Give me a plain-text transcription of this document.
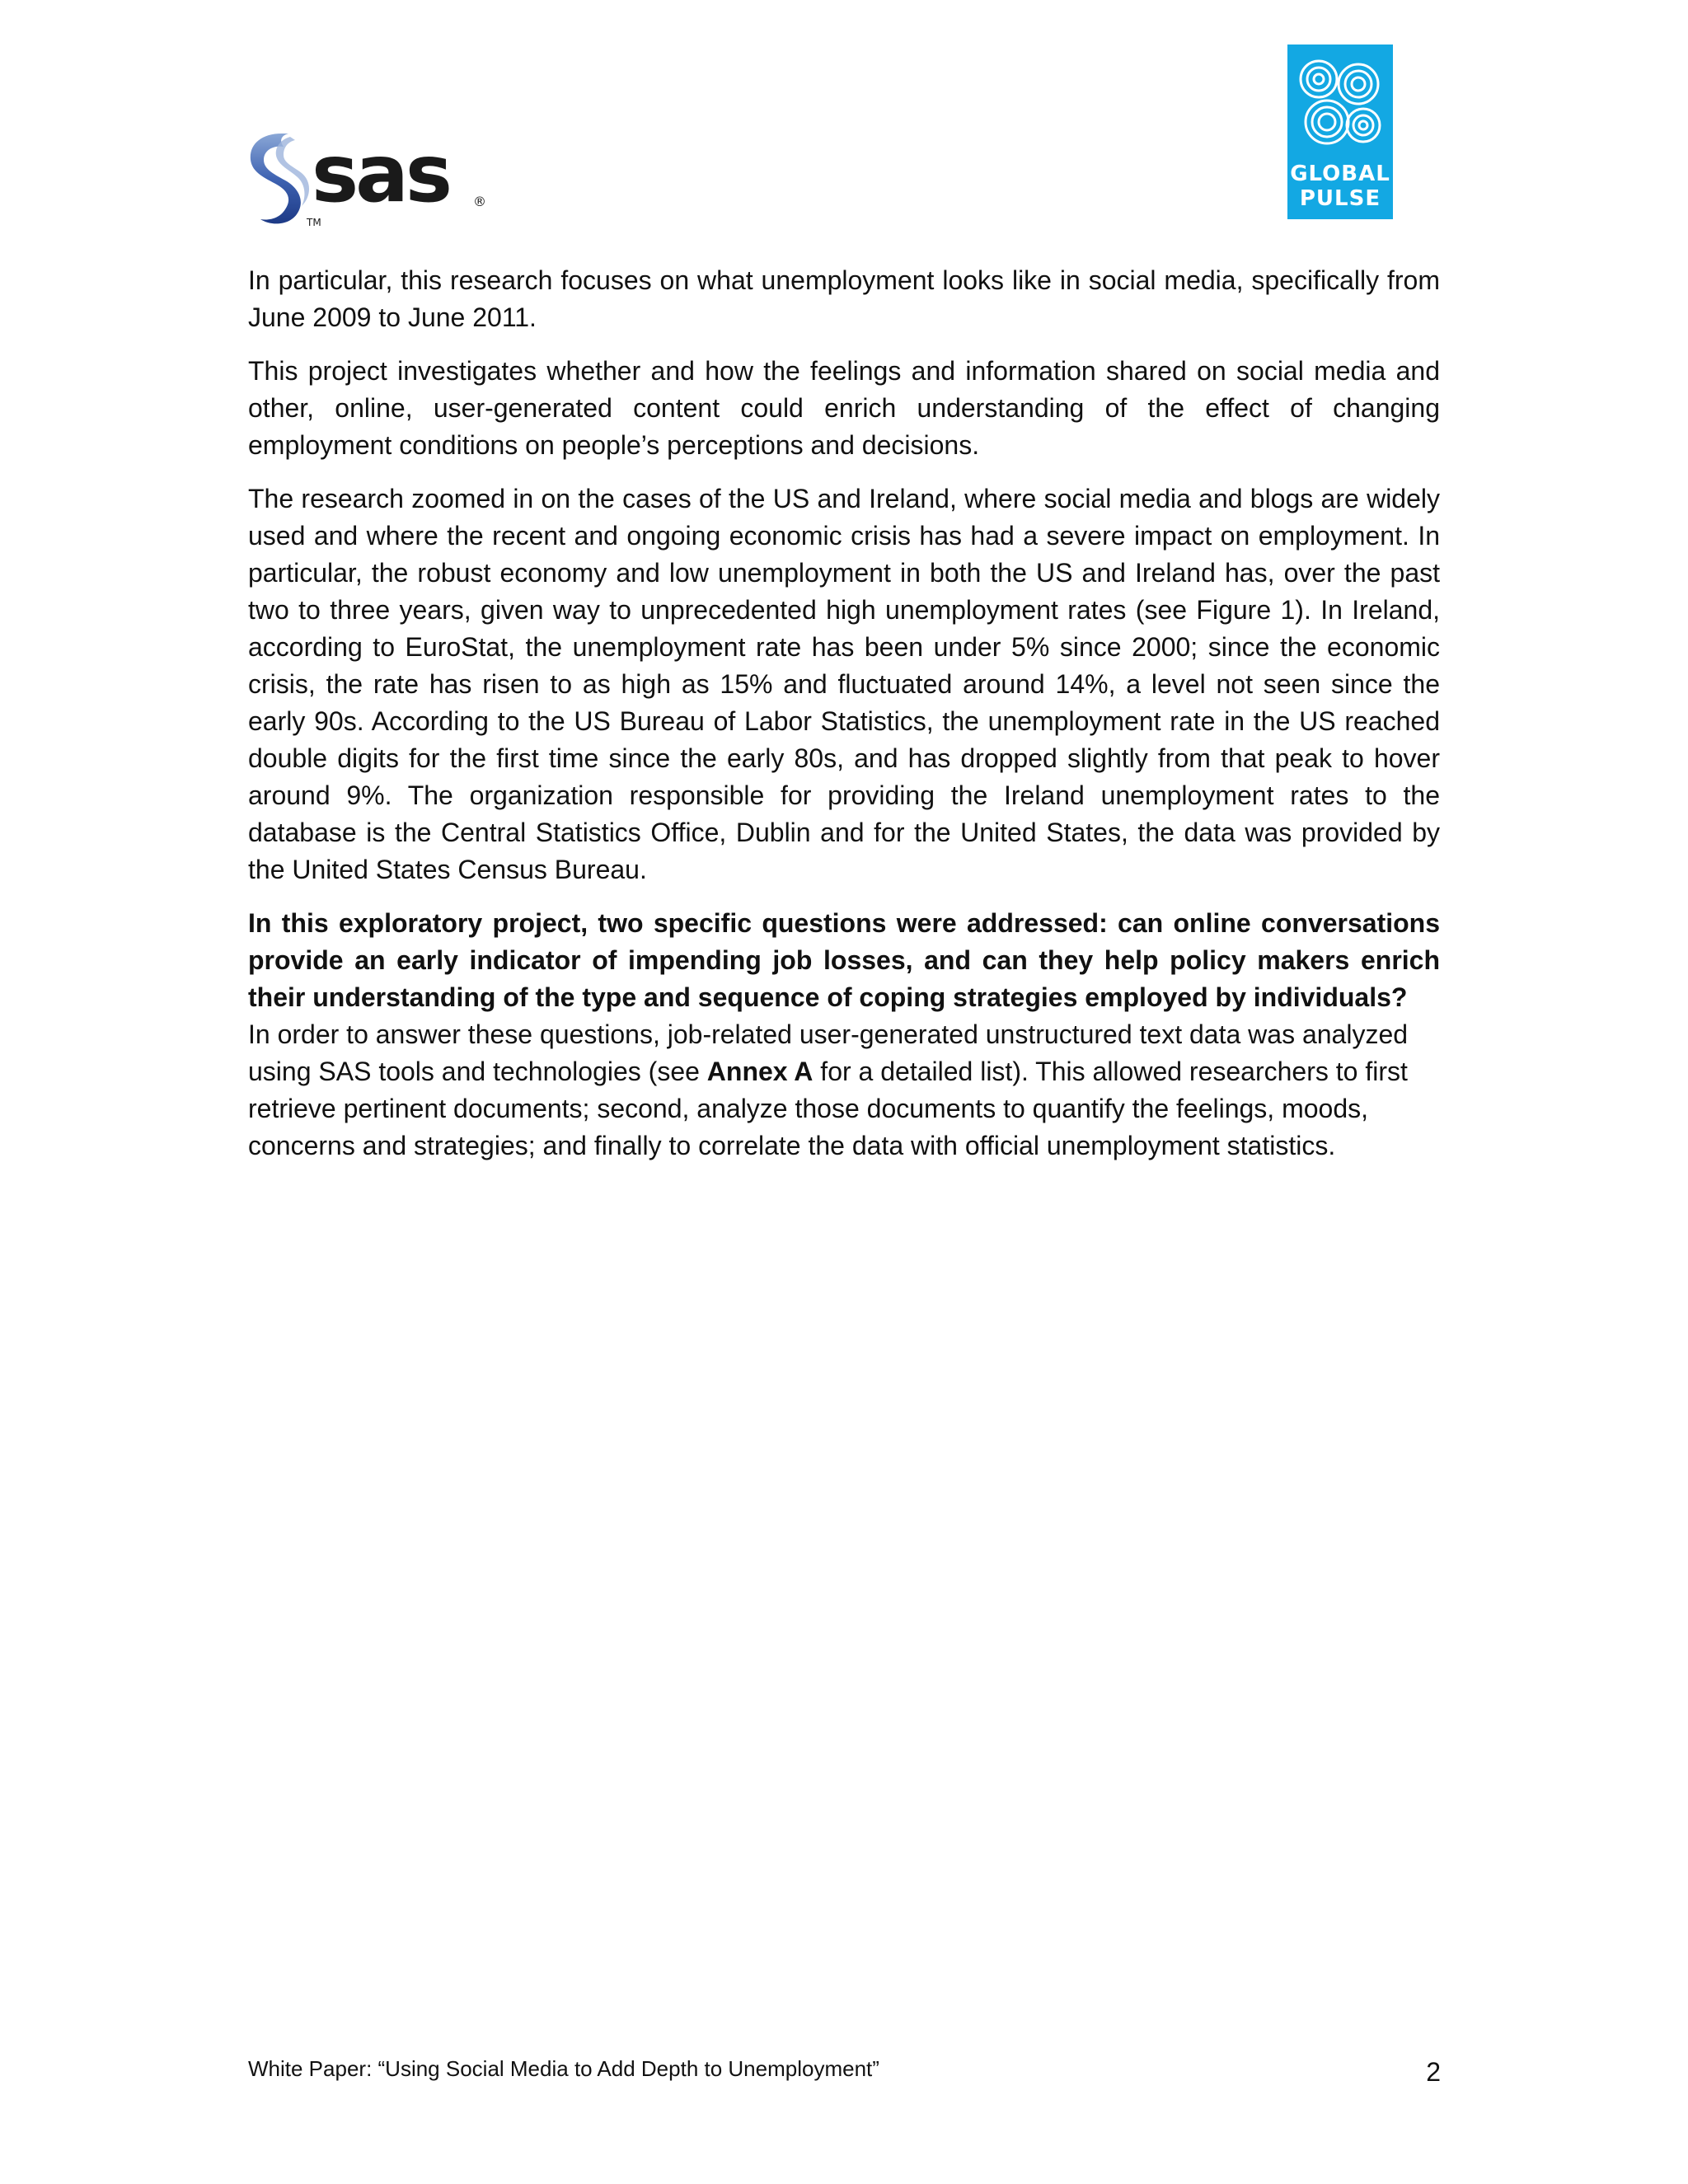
sas
TM
®
GLOBAL
PULSE

In particular, this research focuses on what unemployment looks like in social media, specifically from June 2009 to June 2011.

This project investigates whether and how the feelings and information shared on social media and other, online, user-generated content could enrich understanding of the effect of changing employment conditions on people’s perceptions and decisions.

The research zoomed in on the cases of the US and Ireland, where social media and blogs are widely used and where the recent and ongoing economic crisis has had a severe impact on employment. In particular, the robust economy and low unemployment in both the US and Ireland has, over the past two to three years, given way to unprecedented high unemployment rates (see Figure 1). In Ireland, according to EuroStat, the unemployment rate has been under 5% since 2000; since the economic crisis, the rate has risen to as high as 15% and fluctuated around 14%, a level not seen since the early 90s. According to the US Bureau of Labor Statistics, the unemployment rate in the US reached double digits for the first time since the early 80s, and has dropped slightly from that peak to hover around 9%. The organization responsible for providing the Ireland unemployment rates to the database is the Central Statistics Office, Dublin and for the United States, the data was provided by the United States Census Bureau.

In this exploratory project, two specific questions were addressed: can online conversations provide an early indicator of impending job losses, and can they help policy makers enrich their understanding of the type and sequence of coping strategies employed by individuals?

In order to answer these questions, job-related user-generated unstructured text data was analyzed using SAS tools and technologies (see Annex A for a detailed list). This allowed researchers to first retrieve pertinent documents; second, analyze those documents to quantify the feelings, moods, concerns and strategies; and finally to correlate the data with official unemployment statistics.

White Paper: “Using Social Media to Add Depth to Unemployment”	2
